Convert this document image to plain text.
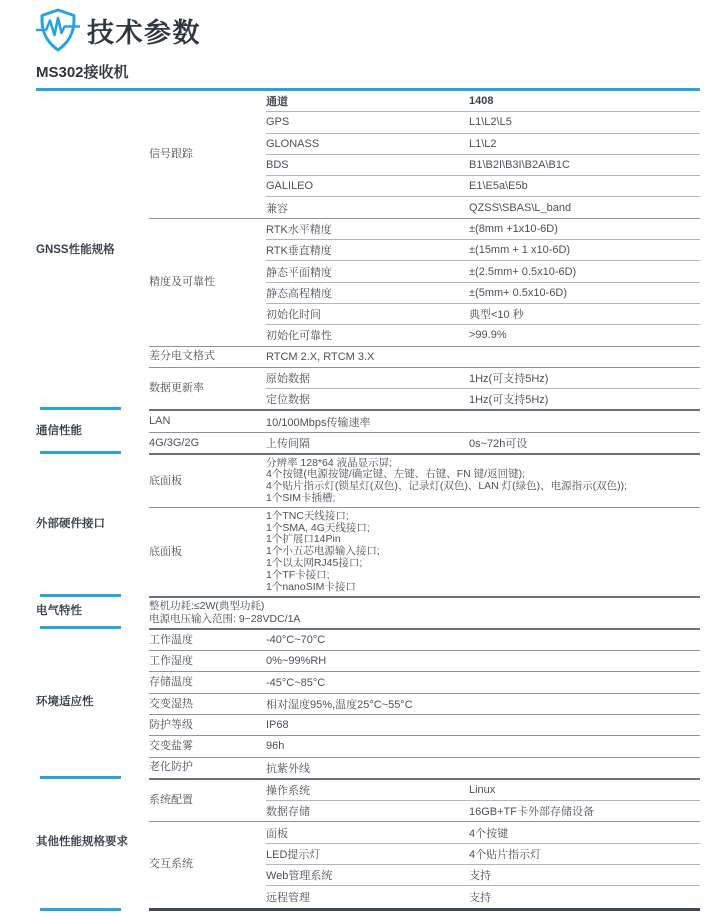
技术参数
MS302接收机
GNSS性能规格
信号跟踪
通道	1408
GPS	L1\L2\L5
GLONASS	L1\L2
BDS	B1\B2I\B3I\B2A\B1C
GALILEO	E1\E5a\E5b
兼容	QZSS\SBAS\L_band
精度及可靠性
RTK水平精度	±(8mm +1x10-6D)
RTK垂直精度	±(15mm + 1 x10-6D)
静态平面精度	±(2.5mm+ 0.5x10-6D)
静态高程精度	±(5mm+ 0.5x10-6D)
初始化时间	典型<10 秒
初始化可靠性	>99.9%
差分电文格式	RTCM 2.X, RTCM 3.X
数据更新率
原始数据	1Hz(可支持5Hz)
定位数据	1Hz(可支持5Hz)
通信性能
LAN	10/100Mbps传输速率
4G/3G/2G	上传间隔	0s~72h可设
外部硬件接口
底面板
分辨率 128*64 液晶显示屏;
4个按键(电源按键/确定键、左键、右键、FN 键/返回键);
4个贴片指示灯(锁星灯(双色)、记录灯(双色)、LAN 灯(绿色)、电源指示(双色));
1个SIM卡插槽;
底面板
1个TNC天线接口;
1个SMA, 4G天线接口;
1个扩展口14Pin
1个小五芯电源输入接口;
1个以太网RJ45接口;
1个TF卡接口;
1个nanoSIM卡接口
电气特性	整机功耗:≤2W(典型功耗)
电源电压输入范围: 9~28VDC/1A
环境适应性
工作温度	-40°C~70°C
工作湿度	0%~99%RH
存储温度	-45°C~85°C
交变湿热	相对湿度95%,温度25°C~55°C
防护等级	IP68
交变盐雾	96h
老化防护	抗紫外线
其他性能规格要求
系统配置
操作系统	Linux
数据存储	16GB+TF卡外部存储设备
交互系统
面板	4个按键
LED提示灯	4个贴片指示灯
Web管理系统	支持
远程管理	支持
